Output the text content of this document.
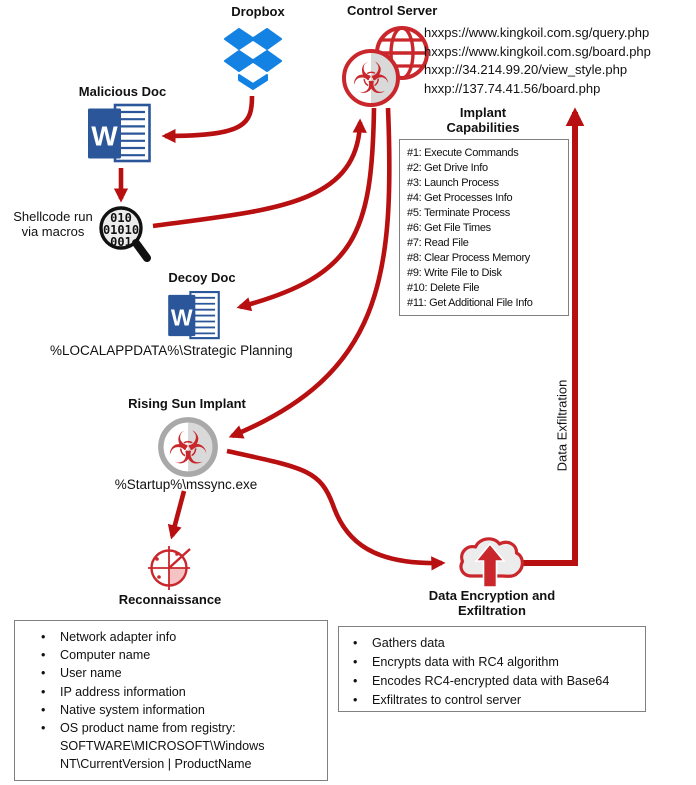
Dropbox	Control Server
☣
hxxps://www.kingkoil.com.sg/query.php
hxxps://www.kingkoil.com.sg/board.php
hxxp://34.214.99.20/view_style.php
hxxp://137.74.41.56/board.php
Malicious Doc
W
Shellcode run via macros
010
01010
001
Decoy Doc
W
%LOCALAPPDATA%\Strategic Planning
Implant Capabilities
#1: Execute Commands
#2: Get Drive Info
#3: Launch Process
#4: Get Processes Info
#5: Terminate Process
#6: Get File Times
#7: Read File
#8: Clear Process Memory
#9: Write File to Disk
#10: Delete File
#11: Get Additional File Info
Data Exfiltration
Rising Sun Implant
☣
%Startup%\mssync.exe
Reconnaissance	Data Encryption and Exfiltration
• Network adapter info
• Computer name
• User name
• IP address information
• Native system information
• OS product name from registry: SOFTWARE\MICROSOFT\Windows NT\CurrentVersion | ProductName
• Gathers data
• Encrypts data with RC4 algorithm
• Encodes RC4-encrypted data with Base64
• Exfiltrates to control server
